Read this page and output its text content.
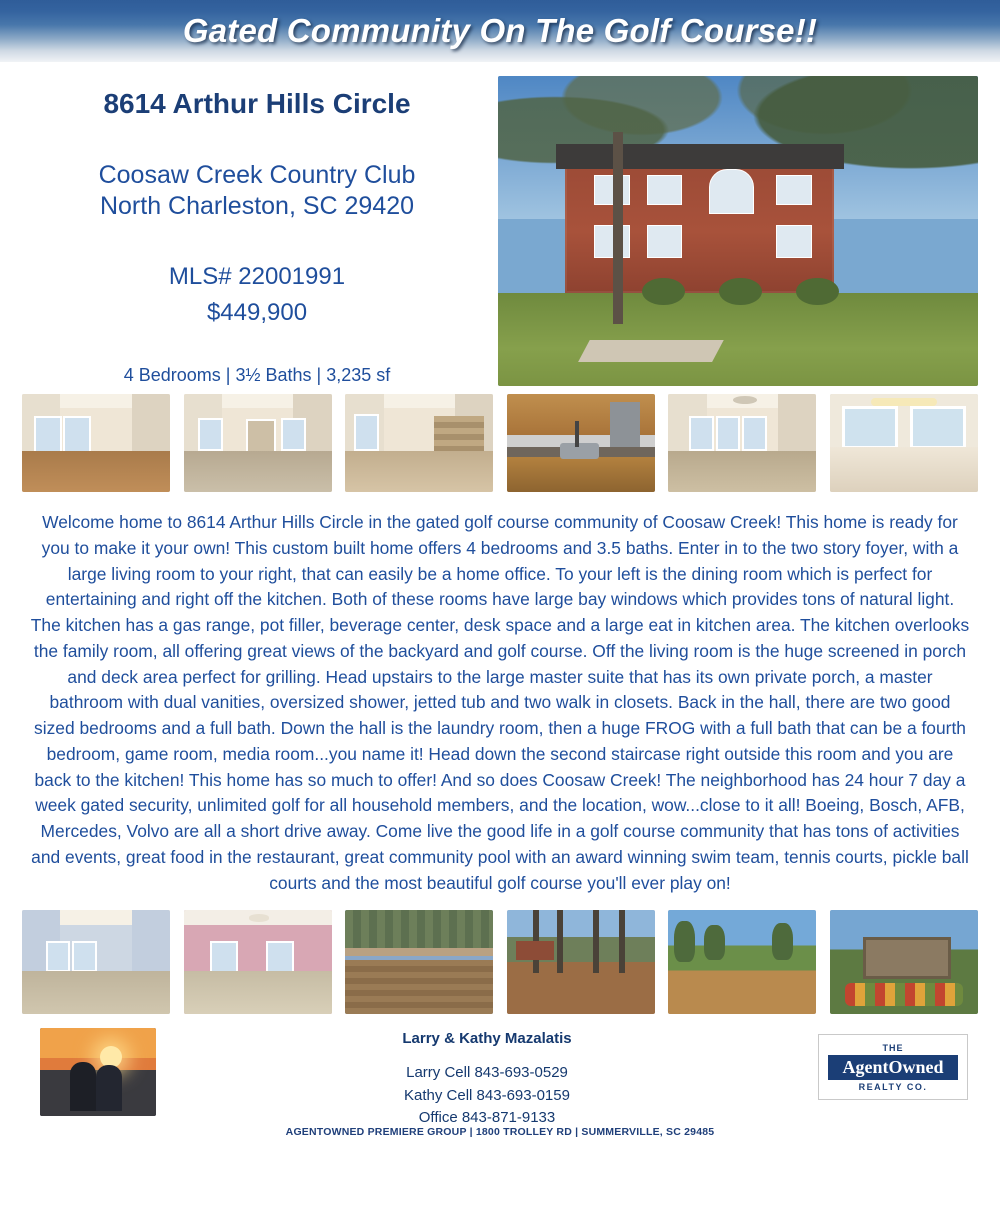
Gated Community On The Golf Course!!
8614 Arthur Hills Circle
Coosaw Creek Country Club
North Charleston, SC 29420
MLS# 22001991
$449,900
4 Bedrooms | 3½ Baths | 3,235 sf
Welcome home to 8614 Arthur Hills Circle in the gated golf course community of Coosaw Creek! This home is ready for you to make it your own! This custom built home offers 4 bedrooms and 3.5 baths. Enter in to the two story foyer, with a large living room to your right, that can easily be a home office. To your left is the dining room which is perfect for entertaining and right off the kitchen. Both of these rooms have large bay windows which provides tons of natural light. The kitchen has a gas range, pot filler, beverage center, desk space and a large eat in kitchen area. The kitchen overlooks the family room, all offering great views of the backyard and golf course. Off the living room is the huge screened in porch and deck area perfect for grilling. Head upstairs to the large master suite that has its own private porch, a master bathroom with dual vanities, oversized shower, jetted tub and two walk in closets. Back in the hall, there are two good sized bedrooms and a full bath. Down the hall is the laundry room, then a huge FROG with a full bath that can be a fourth bedroom, game room, media room...you name it! Head down the second staircase right outside this room and you are back to the kitchen! This home has so much to offer! And so does Coosaw Creek! The neighborhood has 24 hour 7 day a week gated security, unlimited golf for all household members, and the location, wow...close to it all! Boeing, Bosch, AFB, Mercedes, Volvo are all a short drive away. Come live the good life in a golf course community that has tons of activities and events, great food in the restaurant, great community pool with an award winning swim team, tennis courts, pickle ball courts and the most beautiful golf course you'll ever play on!
Larry & Kathy Mazalatis
Larry Cell 843-693-0529
Kathy Cell 843-693-0159
Office 843-871-9133
THE
AgentOwned
REALTY CO.
AGENTOWNED PREMIERE GROUP | 1800 TROLLEY RD | SUMMERVILLE, SC 29485
